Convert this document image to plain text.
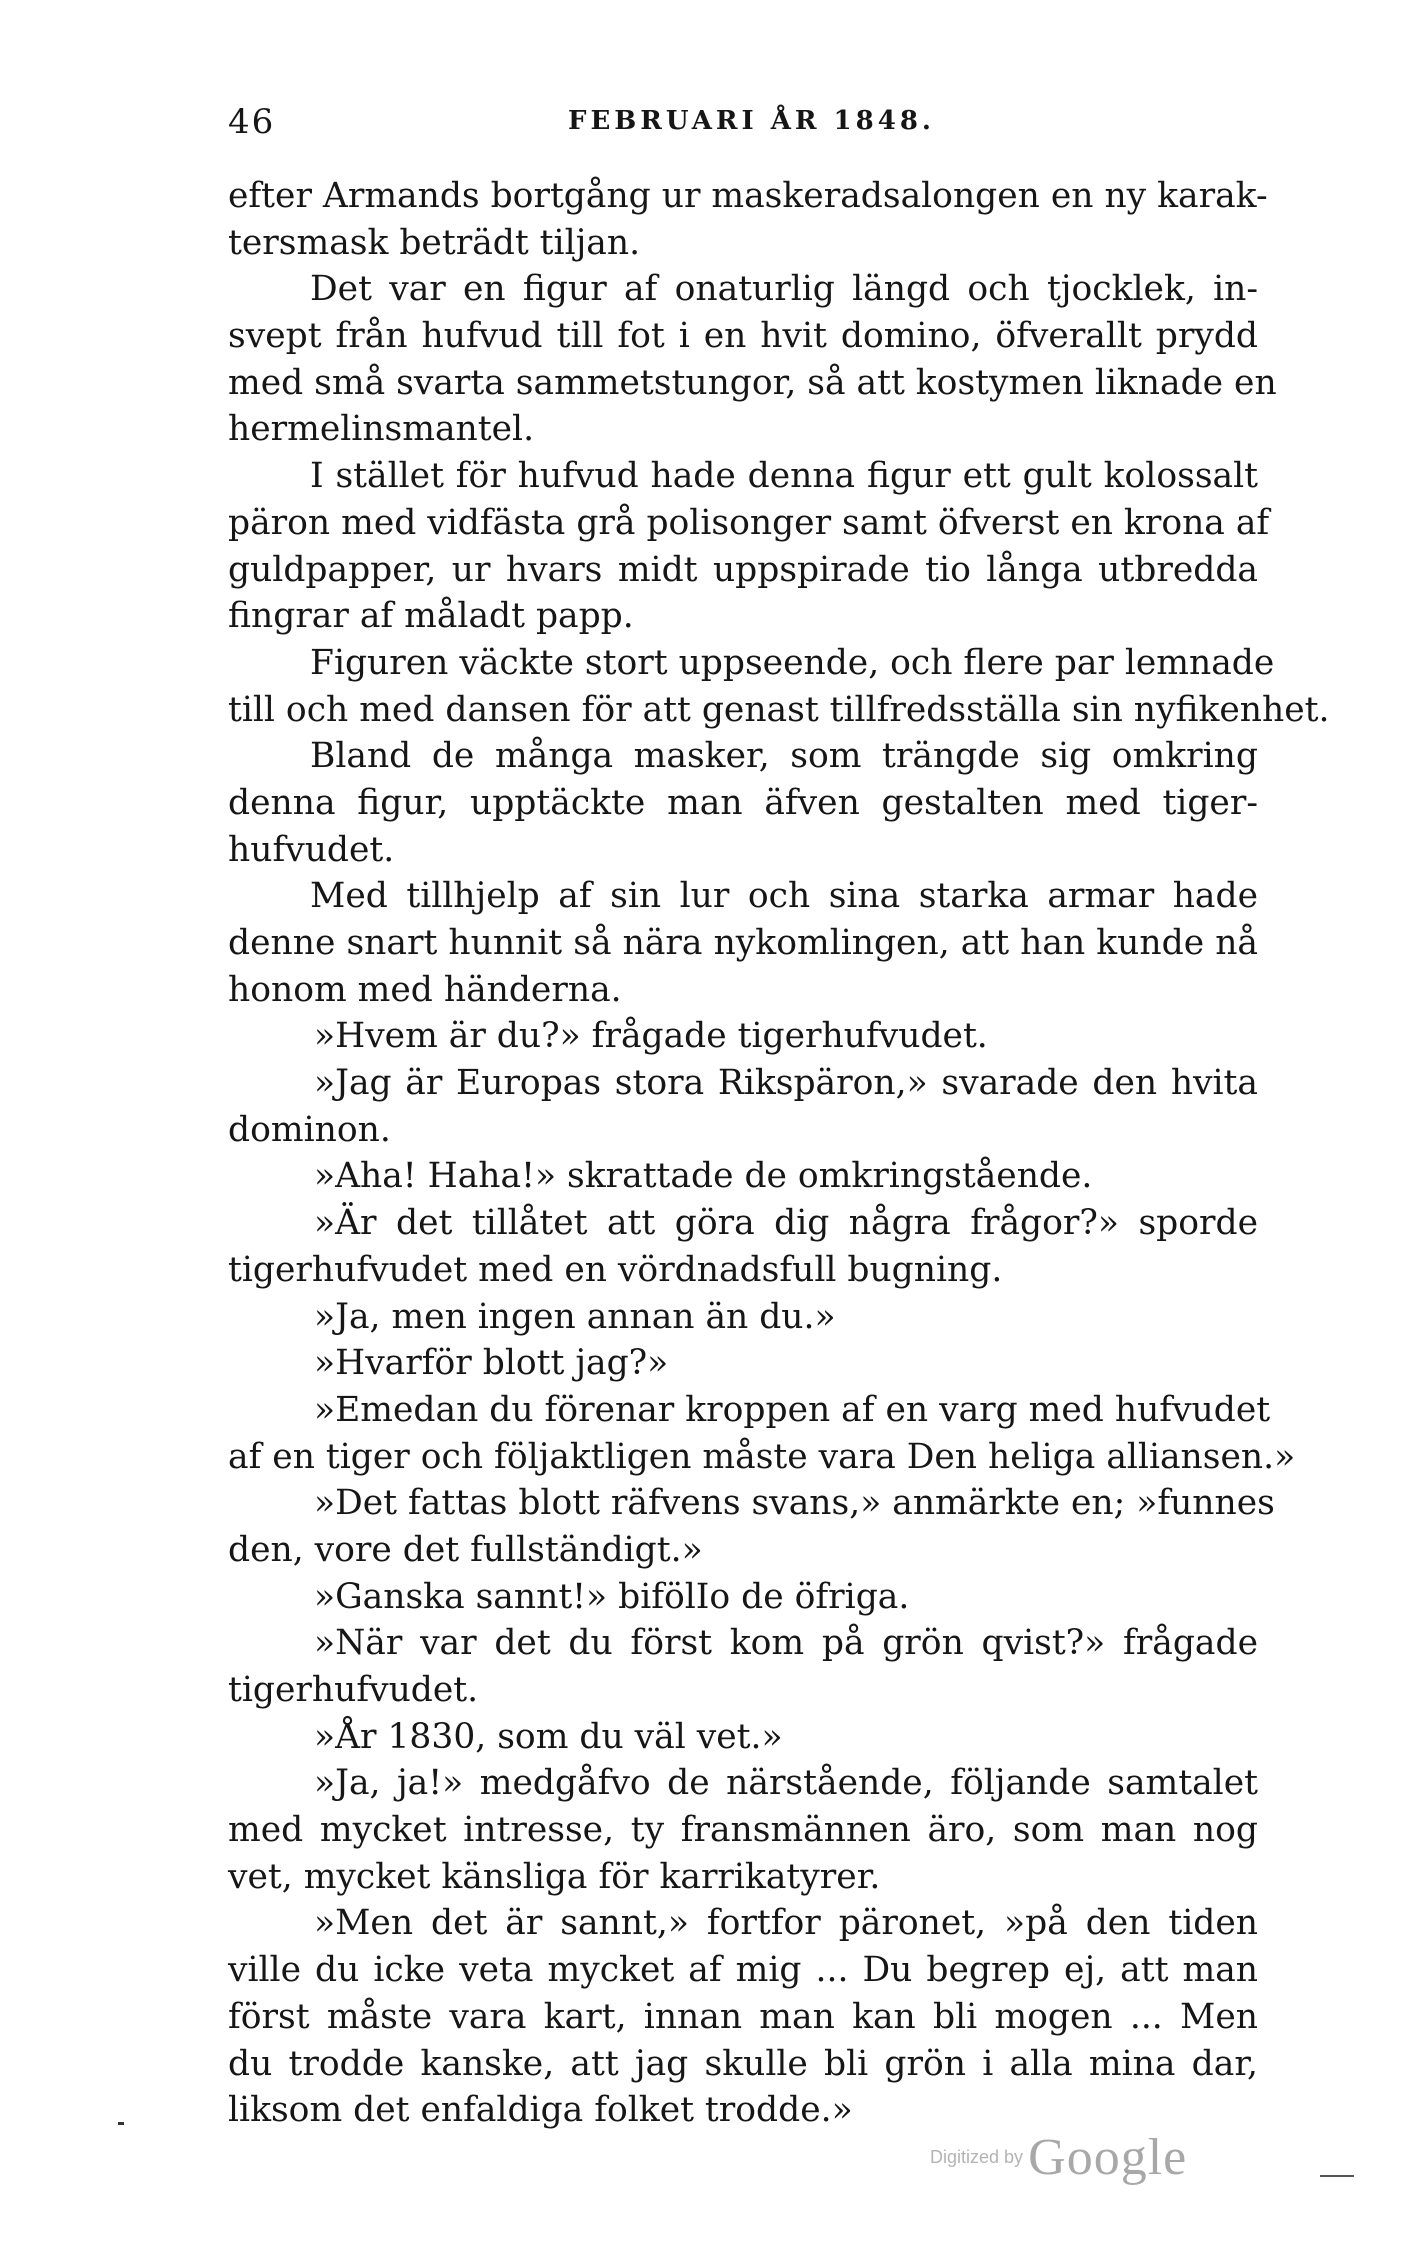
46	FEBRUARI ÅR 1848.
efter Armands bortgång ur maskeradsalongen en ny karak-
tersmask beträdt tiljan.
Det var en figur af onaturlig längd och tjocklek, in-
svept från hufvud till fot i en hvit domino, öfverallt prydd
med små svarta sammetstungor, så att kostymen liknade en
hermelinsmantel.
I stället för hufvud hade denna figur ett gult kolossalt
päron med vidfästa grå polisonger samt öfverst en krona af
guldpapper, ur hvars midt uppspirade tio långa utbredda
fingrar af måladt papp.
Figuren väckte stort uppseende, och flere par lemnade
till och med dansen för att genast tillfredsställa sin nyfikenhet.
Bland de många masker, som trängde sig omkring
denna figur, upptäckte man äfven gestalten med tiger-
hufvudet.
Med tillhjelp af sin lur och sina starka armar hade
denne snart hunnit så nära nykomlingen, att han kunde nå
honom med händerna.
»Hvem är du?» frågade tigerhufvudet.
»Jag är Europas stora Rikspäron,» svarade den hvita
dominon.
»Aha! Haha!» skrattade de omkringstående.
»Är det tillåtet att göra dig några frågor?» sporde
tigerhufvudet med en vördnadsfull bugning.
»Ja, men ingen annan än du.»
»Hvarför blott jag?»
»Emedan du förenar kroppen af en varg med hufvudet
af en tiger och följaktligen måste vara Den heliga alliansen.»
»Det fattas blott räfvens svans,» anmärkte en; »funnes
den, vore det fullständigt.»
»Ganska sannt!» bifölIo de öfriga.
»När var det du först kom på grön qvist?» frågade
tigerhufvudet.
»År 1830, som du väl vet.»
»Ja, ja!» medgåfvo de närstående, följande samtalet
med mycket intresse, ty fransmännen äro, som man nog
vet, mycket känsliga för karrikatyrer.
»Men det är sannt,» fortfor päronet, »på den tiden
ville du icke veta mycket af mig ... Du begrep ej, att man
först måste vara kart, innan man kan bli mogen ... Men
du trodde kanske, att jag skulle bli grön i alla mina dar,
liksom det enfaldiga folket trodde.»
Digitized by Google
